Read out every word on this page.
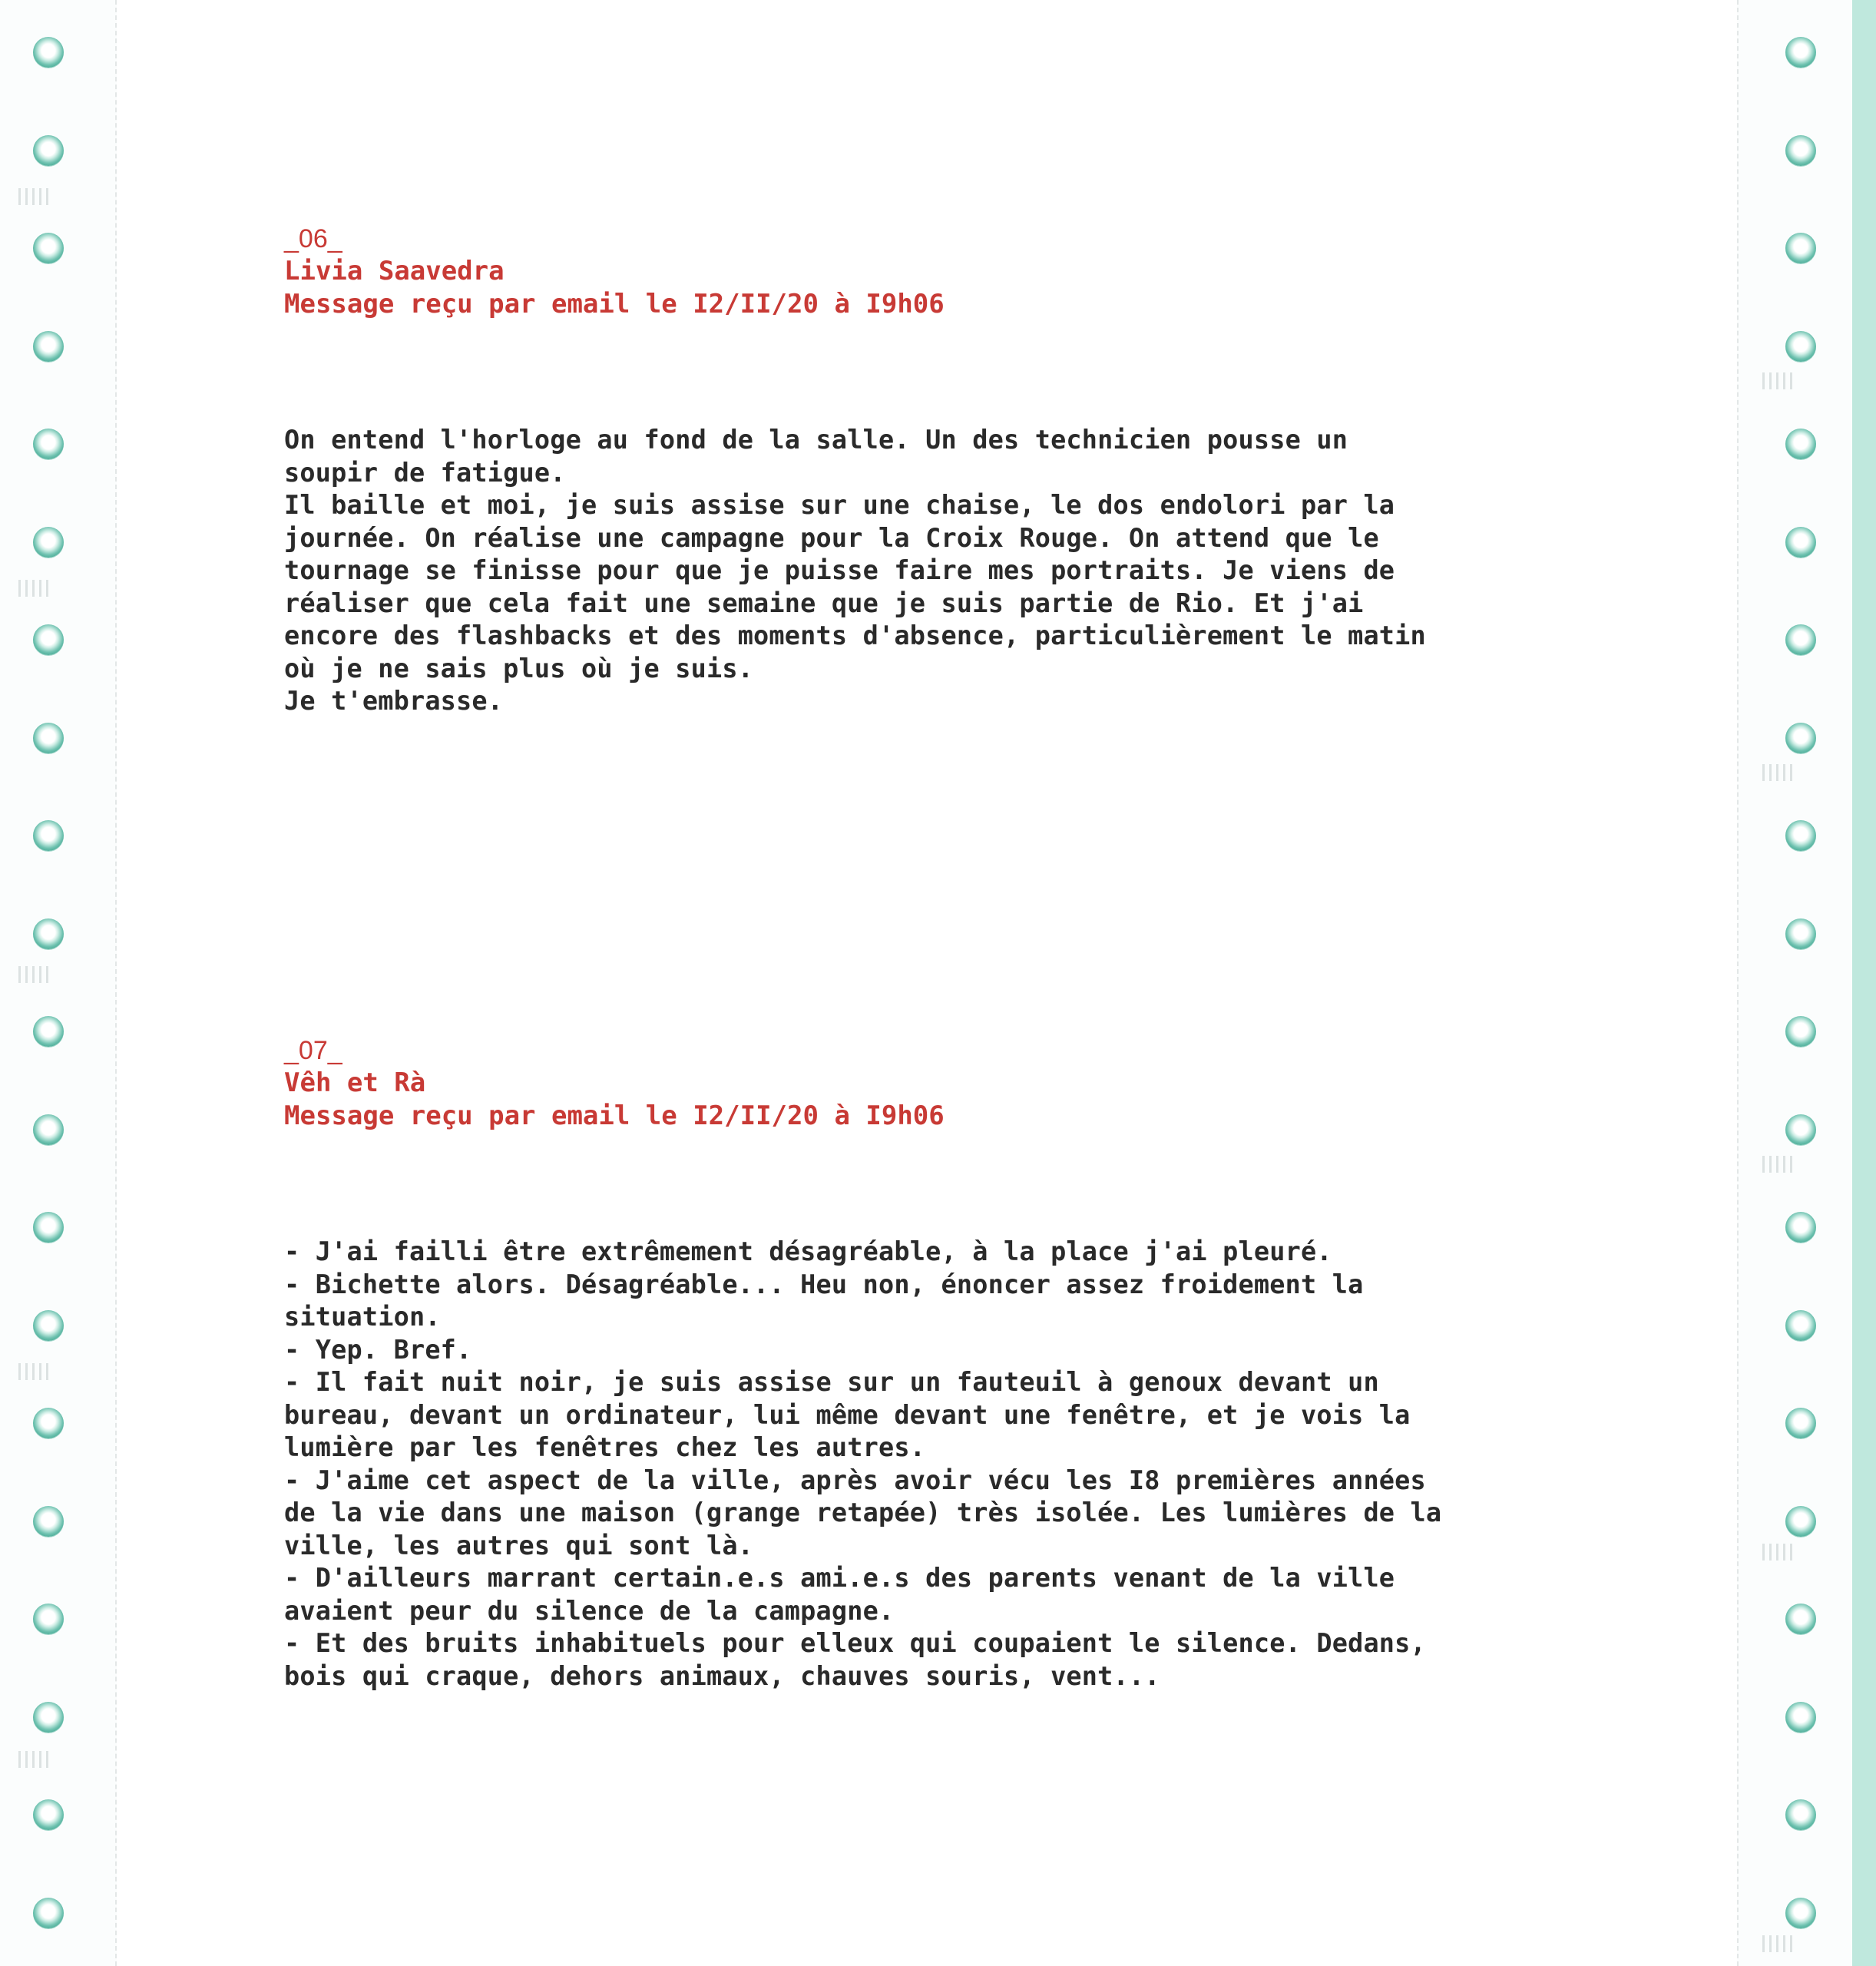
_06_
Livia Saavedra
Message reçu par email le I2/II/20 à I9h06
On entend l'horloge au fond de la salle. Un des technicien pousse un
soupir de fatigue.
Il baille et moi, je suis assise sur une chaise, le dos endolori par la
journée. On réalise une campagne pour la Croix Rouge. On attend que le
tournage se finisse pour que je puisse faire mes portraits. Je viens de
réaliser que cela fait une semaine que je suis partie de Rio. Et j'ai
encore des flashbacks et des moments d'absence, particulièrement le matin
où je ne sais plus où je suis.
Je t'embrasse.
_07_
Vêh et Rà
Message reçu par email le I2/II/20 à I9h06
- J'ai failli être extrêmement désagréable, à la place j'ai pleuré.
- Bichette alors. Désagréable... Heu non, énoncer assez froidement la
situation.
- Yep. Bref.
- Il fait nuit noir, je suis assise sur un fauteuil à genoux devant un
bureau, devant un ordinateur, lui même devant une fenêtre, et je vois la
lumière par les fenêtres chez les autres.
- J'aime cet aspect de la ville, après avoir vécu les I8 premières années
de la vie dans une maison (grange retapée) très isolée. Les lumières de la
ville, les autres qui sont là.
- D'ailleurs marrant certain.e.s ami.e.s des parents venant de la ville
avaient peur du silence de la campagne.
- Et des bruits inhabituels pour elleux qui coupaient le silence. Dedans,
bois qui craque, dehors animaux, chauves souris, vent...
